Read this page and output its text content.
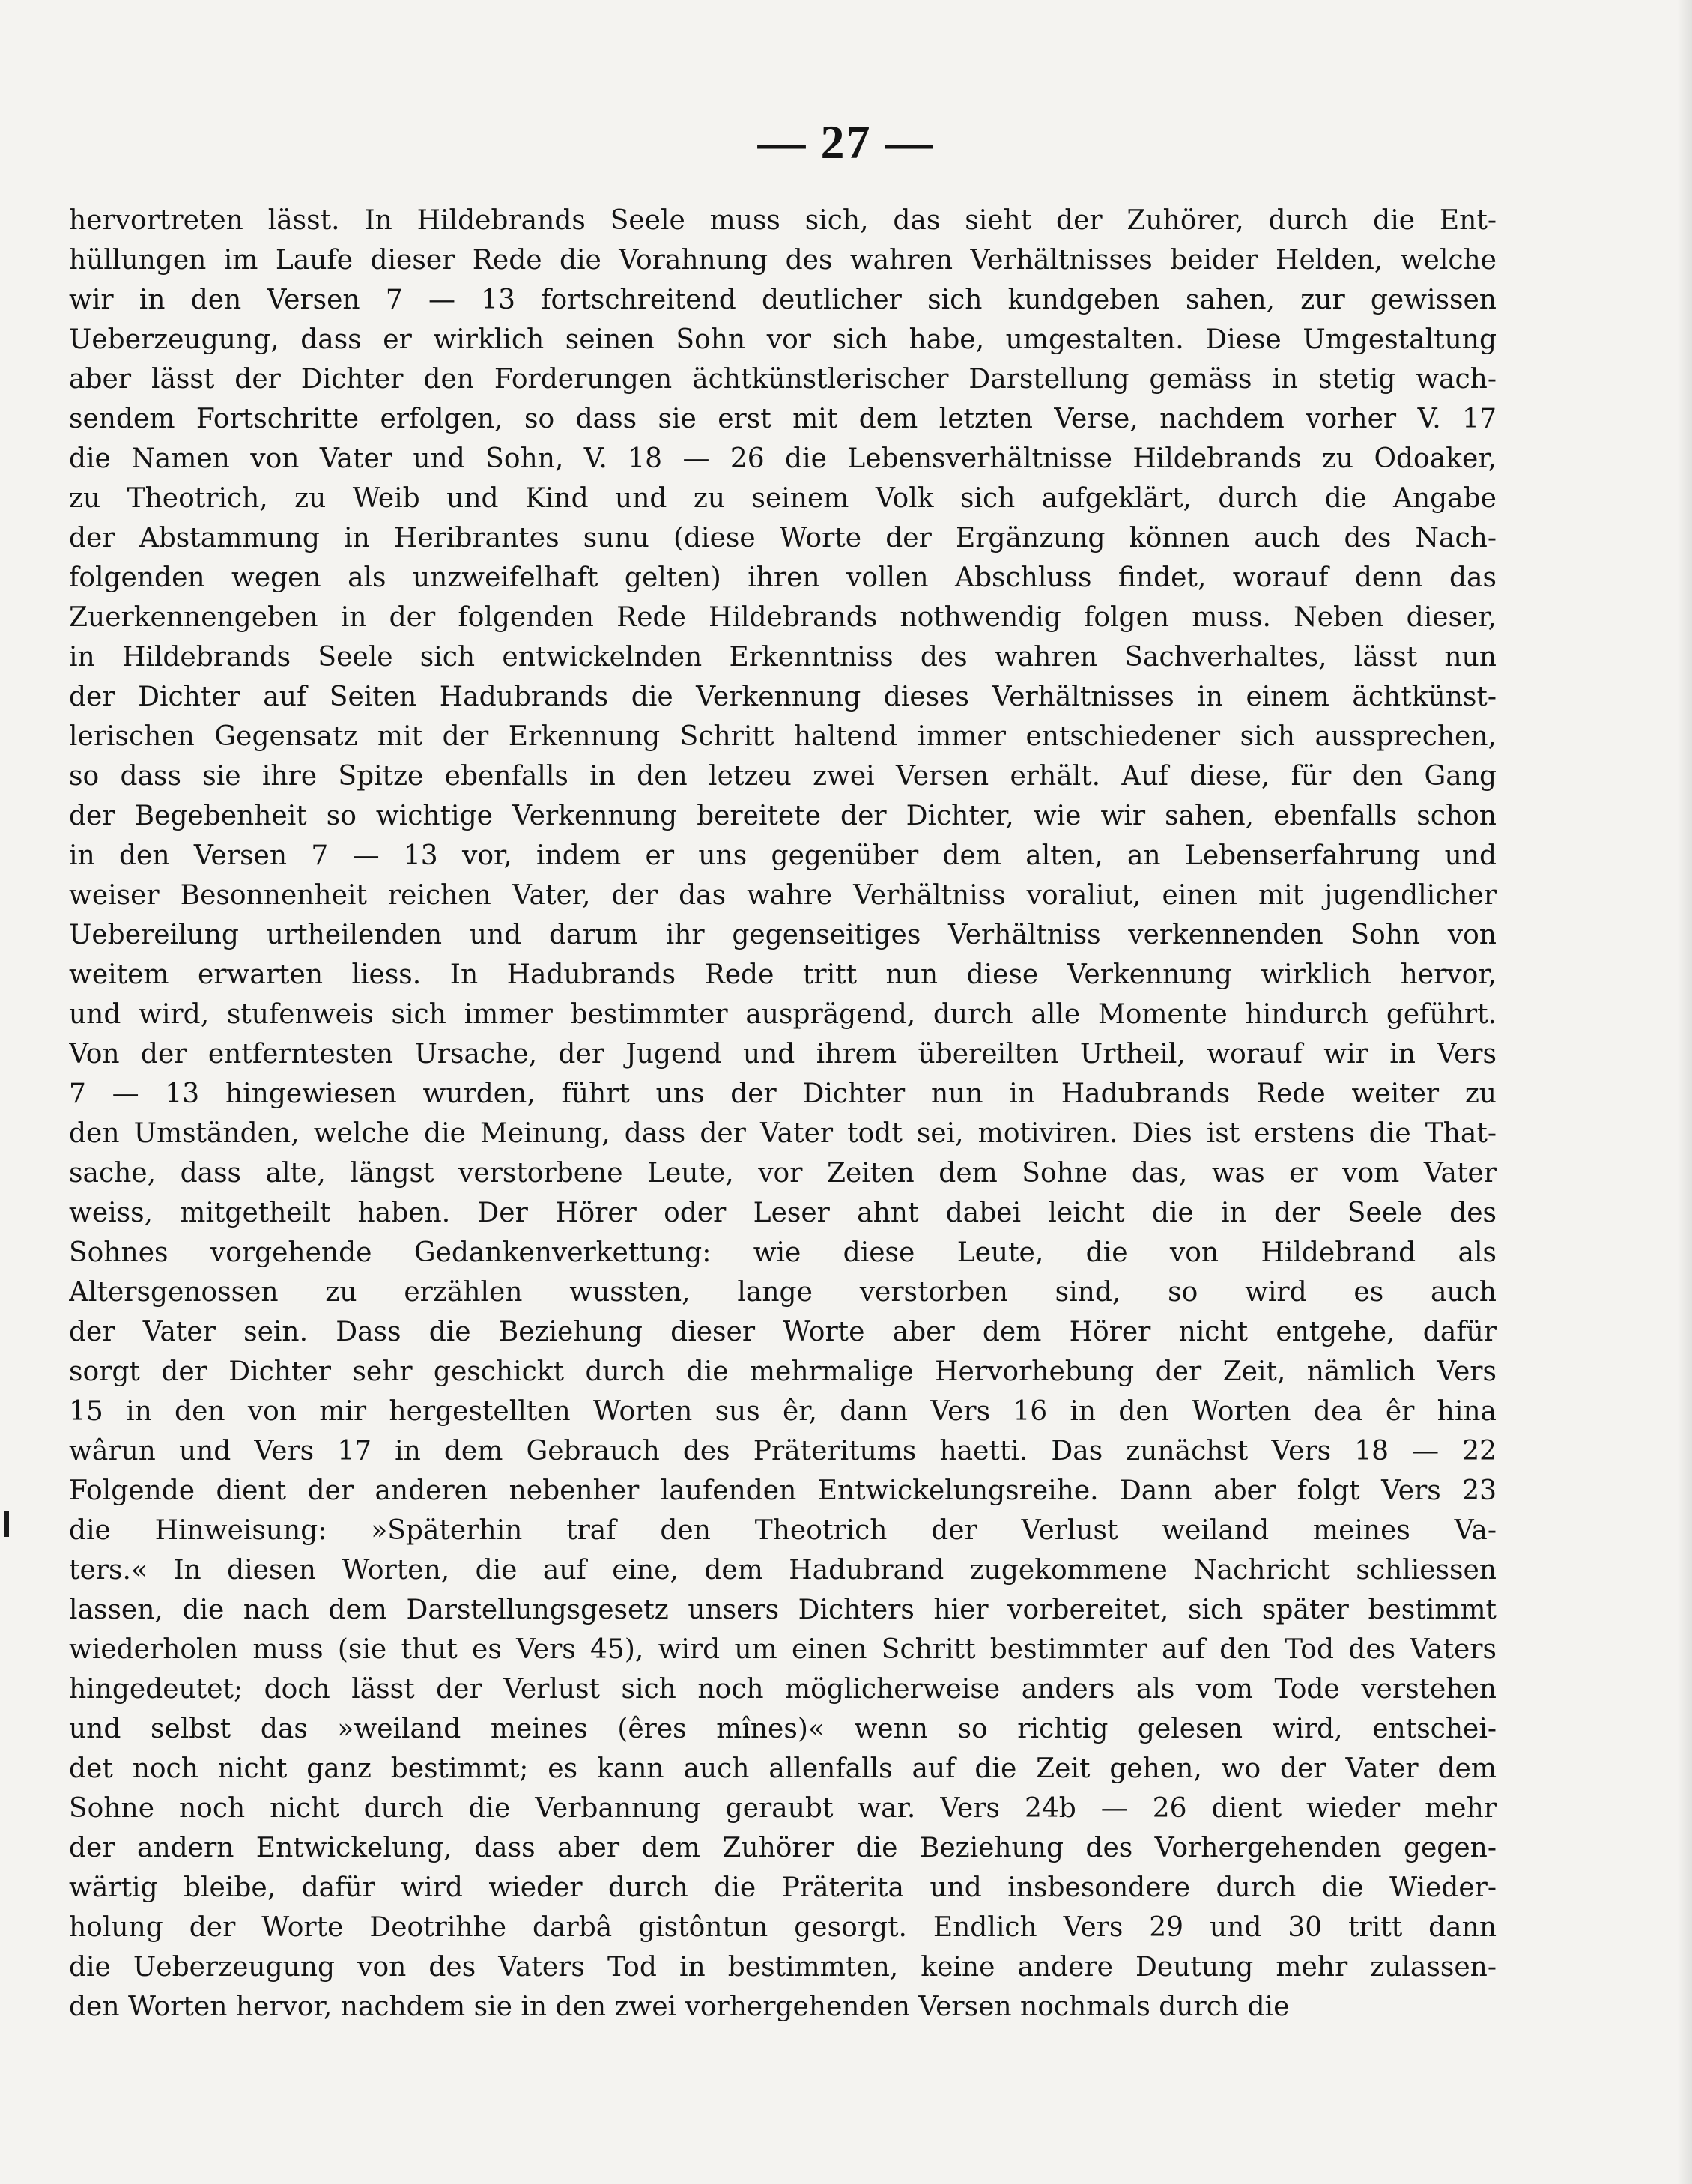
— 27 —
hervortreten lässt. In Hildebrands Seele muss sich, das sieht der Zuhörer, durch die Ent-
hüllungen im Laufe dieser Rede die Vorahnung des wahren Verhältnisses beider Helden, welche
wir in den Versen 7 — 13 fortschreitend deutlicher sich kundgeben sahen, zur gewissen
Ueberzeugung, dass er wirklich seinen Sohn vor sich habe, umgestalten. Diese Umgestaltung
aber lässt der Dichter den Forderungen ächtkünstlerischer Darstellung gemäss in stetig wach-
sendem Fortschritte erfolgen, so dass sie erst mit dem letzten Verse, nachdem vorher V. 17
die Namen von Vater und Sohn, V. 18 — 26 die Lebensverhältnisse Hildebrands zu Odoaker,
zu Theotrich, zu Weib und Kind und zu seinem Volk sich aufgeklärt, durch die Angabe
der Abstammung in Heribrantes sunu (diese Worte der Ergänzung können auch des Nach-
folgenden wegen als unzweifelhaft gelten) ihren vollen Abschluss findet, worauf denn das
Zuerkennengeben in der folgenden Rede Hildebrands nothwendig folgen muss. Neben dieser,
in Hildebrands Seele sich entwickelnden Erkenntniss des wahren Sachverhaltes, lässt nun
der Dichter auf Seiten Hadubrands die Verkennung dieses Verhältnisses in einem ächtkünst-
lerischen Gegensatz mit der Erkennung Schritt haltend immer entschiedener sich aussprechen,
so dass sie ihre Spitze ebenfalls in den letzeu zwei Versen erhält. Auf diese, für den Gang
der Begebenheit so wichtige Verkennung bereitete der Dichter, wie wir sahen, ebenfalls schon
in den Versen 7 — 13 vor, indem er uns gegenüber dem alten, an Lebenserfahrung und
weiser Besonnenheit reichen Vater, der das wahre Verhältniss voraliut, einen mit jugendlicher
Uebereilung urtheilenden und darum ihr gegenseitiges Verhältniss verkennenden Sohn von
weitem erwarten liess. In Hadubrands Rede tritt nun diese Verkennung wirklich hervor,
und wird, stufenweis sich immer bestimmter ausprägend, durch alle Momente hindurch geführt.
Von der entferntesten Ursache, der Jugend und ihrem übereilten Urtheil, worauf wir in Vers
7 — 13 hingewiesen wurden, führt uns der Dichter nun in Hadubrands Rede weiter zu
den Umständen, welche die Meinung, dass der Vater todt sei, motiviren. Dies ist erstens die That-
sache, dass alte, längst verstorbene Leute, vor Zeiten dem Sohne das, was er vom Vater
weiss, mitgetheilt haben. Der Hörer oder Leser ahnt dabei leicht die in der Seele des
Sohnes vorgehende Gedankenverkettung: wie diese Leute, die von Hildebrand als
Altersgenossen zu erzählen wussten, lange verstorben sind, so wird es auch
der Vater sein. Dass die Beziehung dieser Worte aber dem Hörer nicht entgehe, dafür
sorgt der Dichter sehr geschickt durch die mehrmalige Hervorhebung der Zeit, nämlich Vers
15 in den von mir hergestellten Worten sus êr, dann Vers 16 in den Worten dea êr hina
wârun und Vers 17 in dem Gebrauch des Präteritums haetti. Das zunächst Vers 18 — 22
Folgende dient der anderen nebenher laufenden Entwickelungsreihe. Dann aber folgt Vers 23
die Hinweisung: »Späterhin traf den Theotrich der Verlust weiland meines Va-
ters.« In diesen Worten, die auf eine, dem Hadubrand zugekommene Nachricht schliessen
lassen, die nach dem Darstellungsgesetz unsers Dichters hier vorbereitet, sich später bestimmt
wiederholen muss (sie thut es Vers 45), wird um einen Schritt bestimmter auf den Tod des Vaters
hingedeutet; doch lässt der Verlust sich noch möglicherweise anders als vom Tode verstehen
und selbst das »weiland meines (êres mînes)« wenn so richtig gelesen wird, entschei-
det noch nicht ganz bestimmt; es kann auch allenfalls auf die Zeit gehen, wo der Vater dem
Sohne noch nicht durch die Verbannung geraubt war. Vers 24b — 26 dient wieder mehr
der andern Entwickelung, dass aber dem Zuhörer die Beziehung des Vorhergehenden gegen-
wärtig bleibe, dafür wird wieder durch die Präterita und insbesondere durch die Wieder-
holung der Worte Deotrihhe darbâ gistôntun gesorgt. Endlich Vers 29 und 30 tritt dann
die Ueberzeugung von des Vaters Tod in bestimmten, keine andere Deutung mehr zulassen-
den Worten hervor, nachdem sie in den zwei vorhergehenden Versen nochmals durch die
